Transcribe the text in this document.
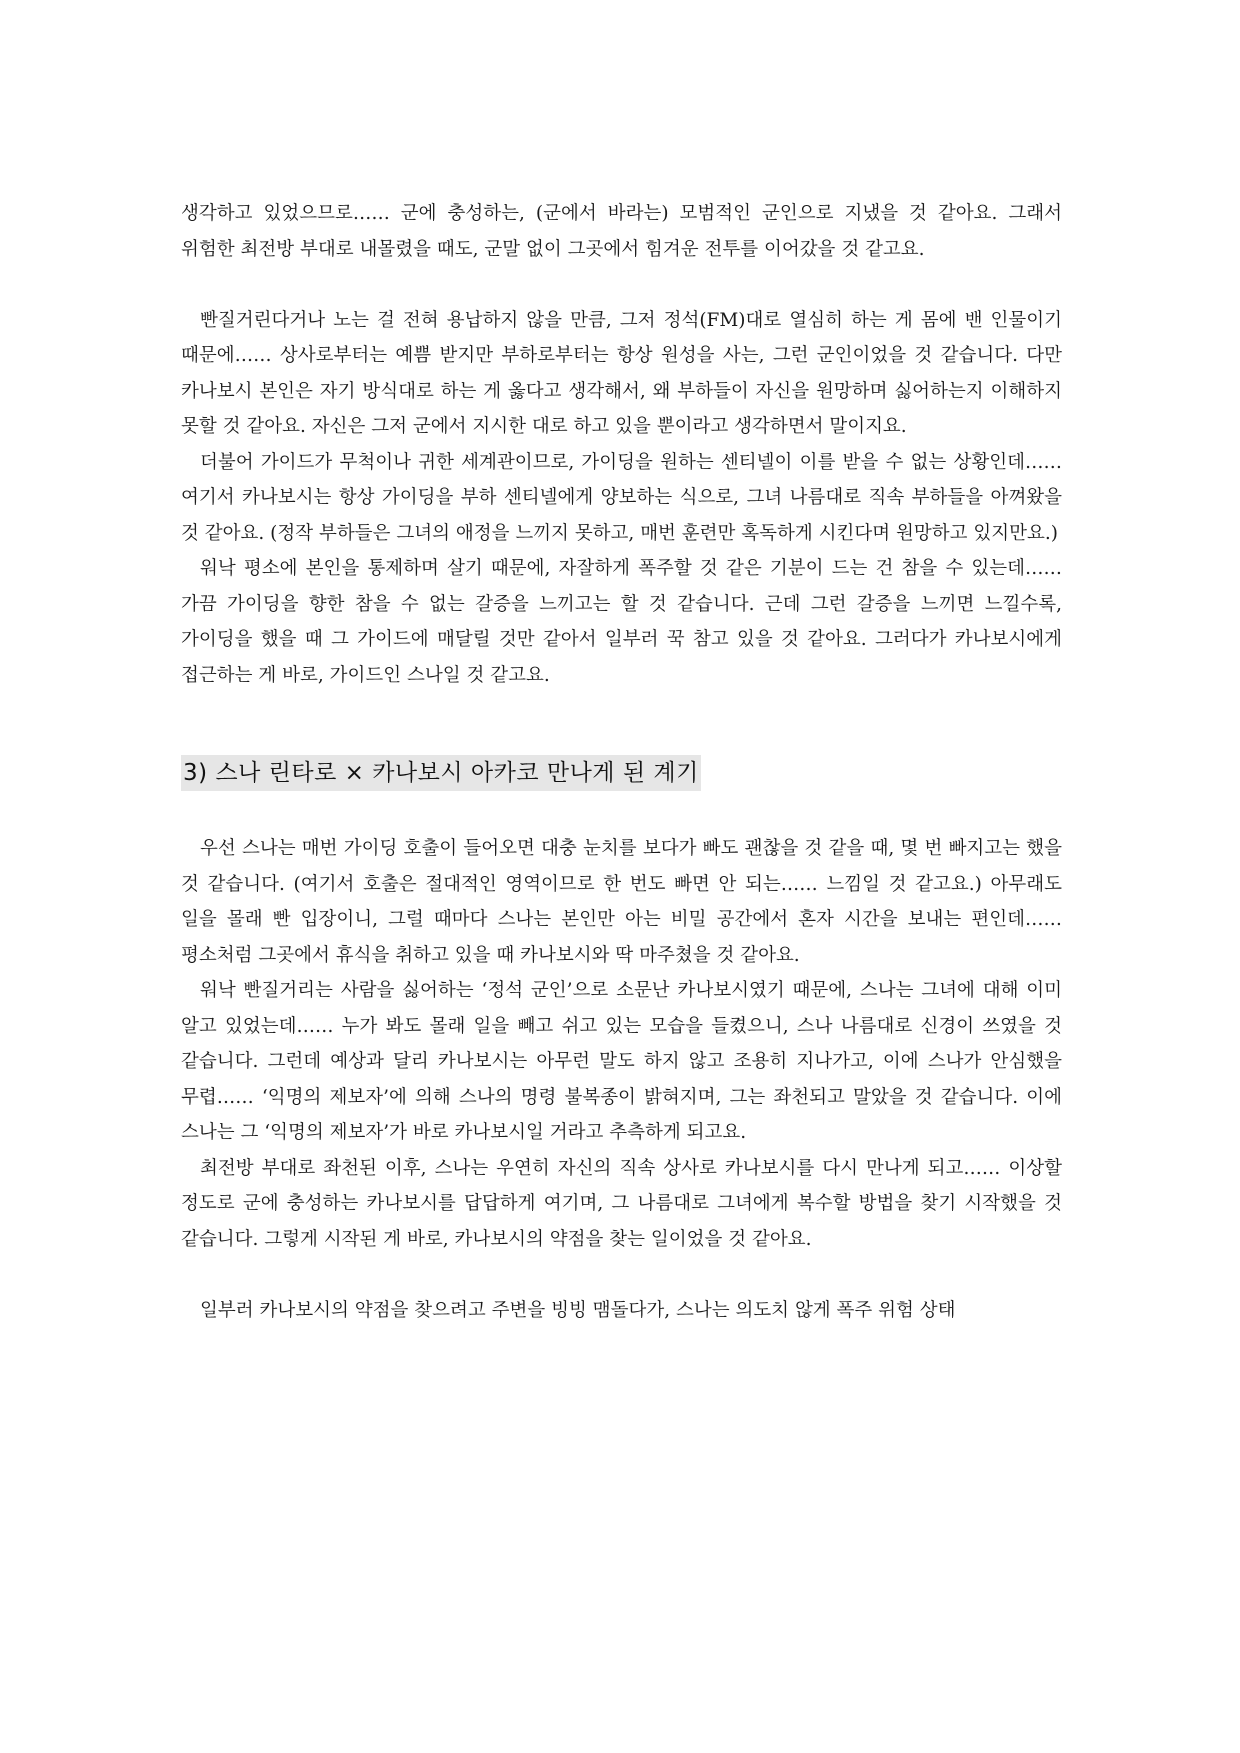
생각하고 있었으므로…… 군에 충성하는, (군에서 바라는) 모범적인 군인으로 지냈을 것 같아요. 그래서 위험한 최전방 부대로 내몰렸을 때도, 군말 없이 그곳에서 힘겨운 전투를 이어갔을 것 같고요.

빤질거린다거나 노는 걸 전혀 용납하지 않을 만큼, 그저 정석(FM)대로 열심히 하는 게 몸에 밴 인물이기 때문에…… 상사로부터는 예쁨 받지만 부하로부터는 항상 원성을 사는, 그런 군인이었을 것 같습니다. 다만 카나보시 본인은 자기 방식대로 하는 게 옳다고 생각해서, 왜 부하들이 자신을 원망하며 싫어하는지 이해하지 못할 것 같아요. 자신은 그저 군에서 지시한 대로 하고 있을 뿐이라고 생각하면서 말이지요.

더불어 가이드가 무척이나 귀한 세계관이므로, 가이딩을 원하는 센티넬이 이를 받을 수 없는 상황인데…… 여기서 카나보시는 항상 가이딩을 부하 센티넬에게 양보하는 식으로, 그녀 나름대로 직속 부하들을 아껴왔을 것 같아요. (정작 부하들은 그녀의 애정을 느끼지 못하고, 매번 훈련만 혹독하게 시킨다며 원망하고 있지만요.)

워낙 평소에 본인을 통제하며 살기 때문에, 자잘하게 폭주할 것 같은 기분이 드는 건 참을 수 있는데…… 가끔 가이딩을 향한 참을 수 없는 갈증을 느끼고는 할 것 같습니다. 근데 그런 갈증을 느끼면 느낄수록, 가이딩을 했을 때 그 가이드에 매달릴 것만 같아서 일부러 꾹 참고 있을 것 같아요. 그러다가 카나보시에게 접근하는 게 바로, 가이드인 스나일 것 같고요.

3) 스나 린타로 × 카나보시 아카코 만나게 된 계기

우선 스나는 매번 가이딩 호출이 들어오면 대충 눈치를 보다가 빠도 괜찮을 것 같을 때, 몇 번 빠지고는 했을 것 같습니다. (여기서 호출은 절대적인 영역이므로 한 번도 빠면 안 되는…… 느낌일 것 같고요.) 아무래도 일을 몰래 빤 입장이니, 그럴 때마다 스나는 본인만 아는 비밀 공간에서 혼자 시간을 보내는 편인데…… 평소처럼 그곳에서 휴식을 취하고 있을 때 카나보시와 딱 마주쳤을 것 같아요.

워낙 빤질거리는 사람을 싫어하는 ‘정석 군인’으로 소문난 카나보시였기 때문에, 스나는 그녀에 대해 이미 알고 있었는데…… 누가 봐도 몰래 일을 빼고 쉬고 있는 모습을 들켰으니, 스나 나름대로 신경이 쓰였을 것 같습니다. 그런데 예상과 달리 카나보시는 아무런 말도 하지 않고 조용히 지나가고, 이에 스나가 안심했을 무렵…… ‘익명의 제보자’에 의해 스나의 명령 불복종이 밝혀지며, 그는 좌천되고 말았을 것 같습니다. 이에 스나는 그 ‘익명의 제보자’가 바로 카나보시일 거라고 추측하게 되고요.

최전방 부대로 좌천된 이후, 스나는 우연히 자신의 직속 상사로 카나보시를 다시 만나게 되고…… 이상할 정도로 군에 충성하는 카나보시를 답답하게 여기며, 그 나름대로 그녀에게 복수할 방법을 찾기 시작했을 것 같습니다. 그렇게 시작된 게 바로, 카나보시의 약점을 찾는 일이었을 것 같아요.

일부러 카나보시의 약점을 찾으려고 주변을 빙빙 맴돌다가, 스나는 의도치 않게 폭주 위험 상태
